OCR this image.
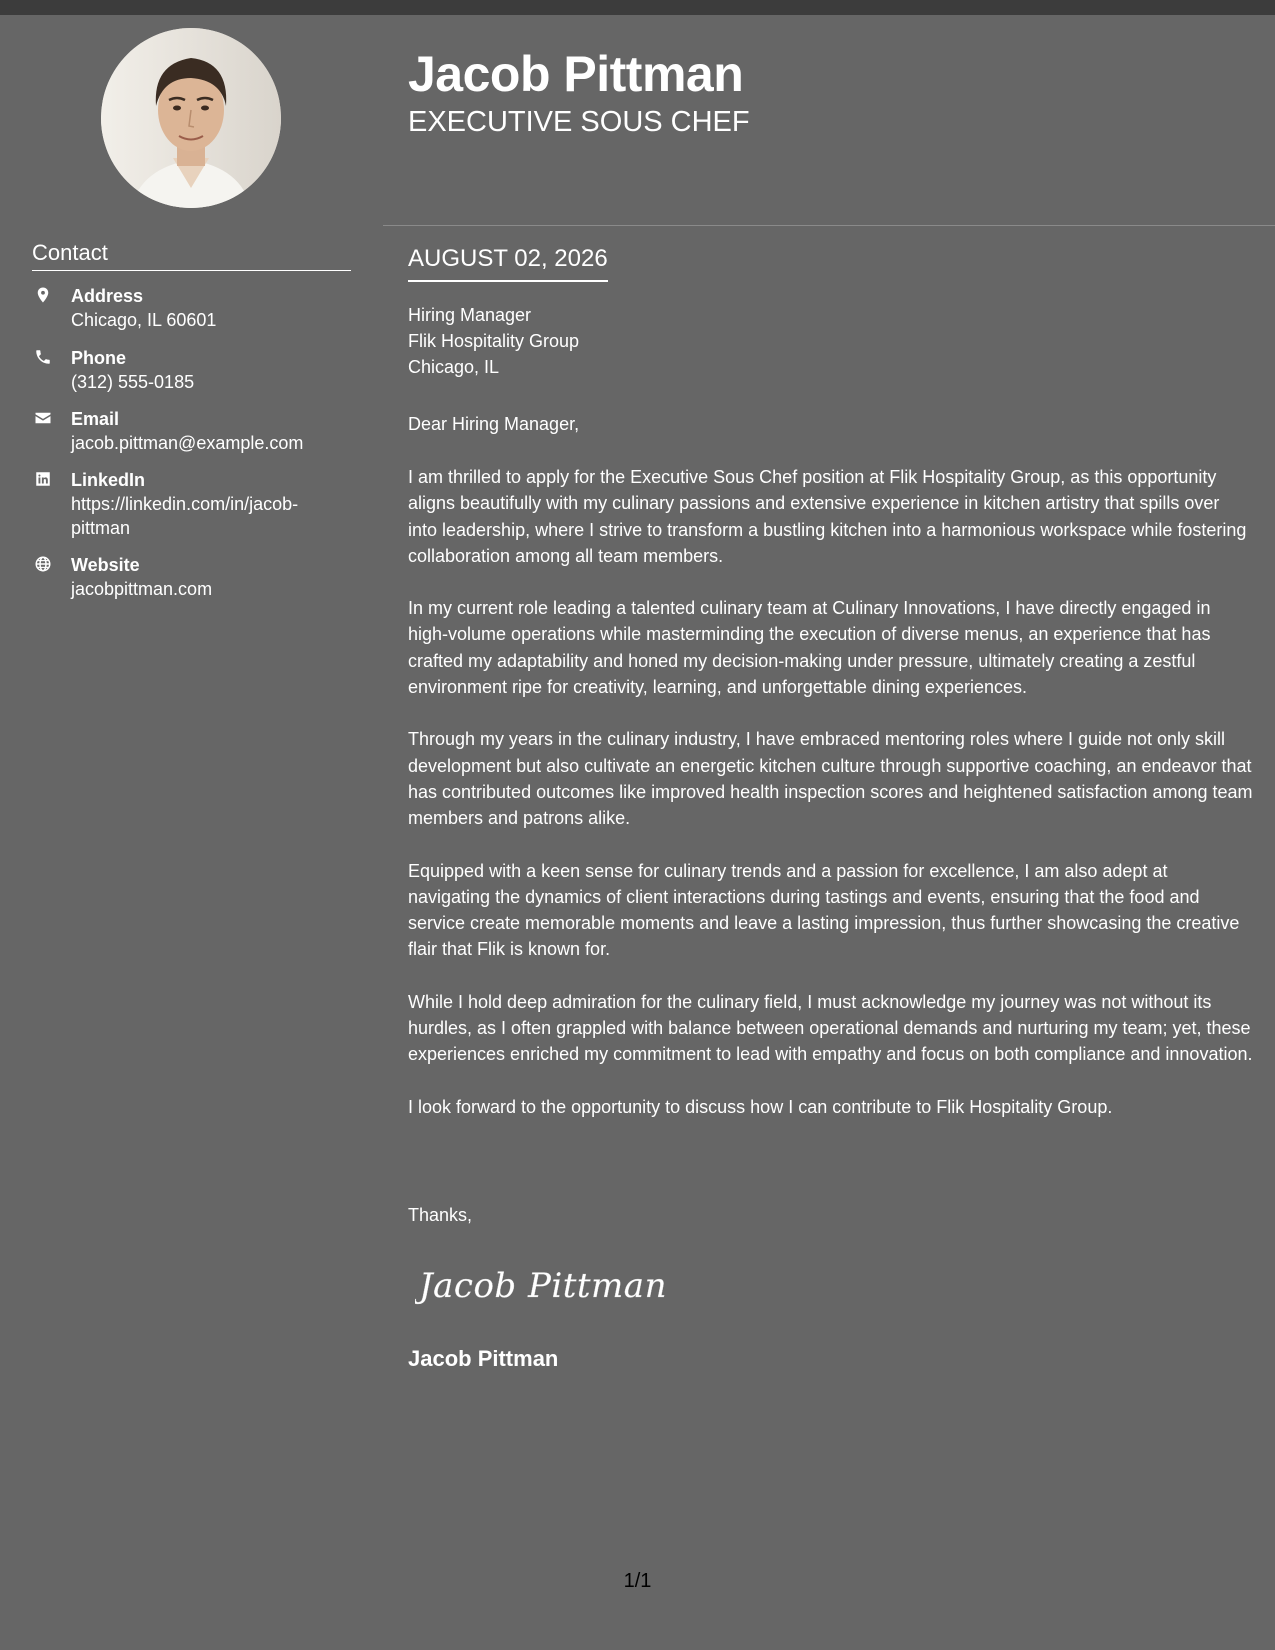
Contact
Address
Chicago, IL 60601
Phone
(312) 555-0185
Email
jacob.pittman@example.com
LinkedIn
https://linkedin.com/in/jacob-pittman
Website
jacobpittman.com
Jacob Pittman
EXECUTIVE SOUS CHEF
AUGUST 02, 2026
Hiring Manager
Flik Hospitality Group
Chicago, IL
Dear Hiring Manager,

I am thrilled to apply for the Executive Sous Chef position at Flik Hospitality Group, as this opportunity aligns beautifully with my culinary passions and extensive experience in kitchen artistry that spills over into leadership, where I strive to transform a bustling kitchen into a harmonious workspace while fostering collaboration among all team members.

In my current role leading a talented culinary team at Culinary Innovations, I have directly engaged in high-volume operations while masterminding the execution of diverse menus, an experience that has crafted my adaptability and honed my decision-making under pressure, ultimately creating a zestful environment ripe for creativity, learning, and unforgettable dining experiences.

Through my years in the culinary industry, I have embraced mentoring roles where I guide not only skill development but also cultivate an energetic kitchen culture through supportive coaching, an endeavor that has contributed outcomes like improved health inspection scores and heightened satisfaction among team members and patrons alike.

Equipped with a keen sense for culinary trends and a passion for excellence, I am also adept at navigating the dynamics of client interactions during tastings and events, ensuring that the food and service create memorable moments and leave a lasting impression, thus further showcasing the creative flair that Flik is known for.

While I hold deep admiration for the culinary field, I must acknowledge my journey was not without its hurdles, as I often grappled with balance between operational demands and nurturing my team; yet, these experiences enriched my commitment to lead with empathy and focus on both compliance and innovation.

I look forward to the opportunity to discuss how I can contribute to Flik Hospitality Group.

Thanks,
Jacob Pittman
Jacob Pittman
1/1
